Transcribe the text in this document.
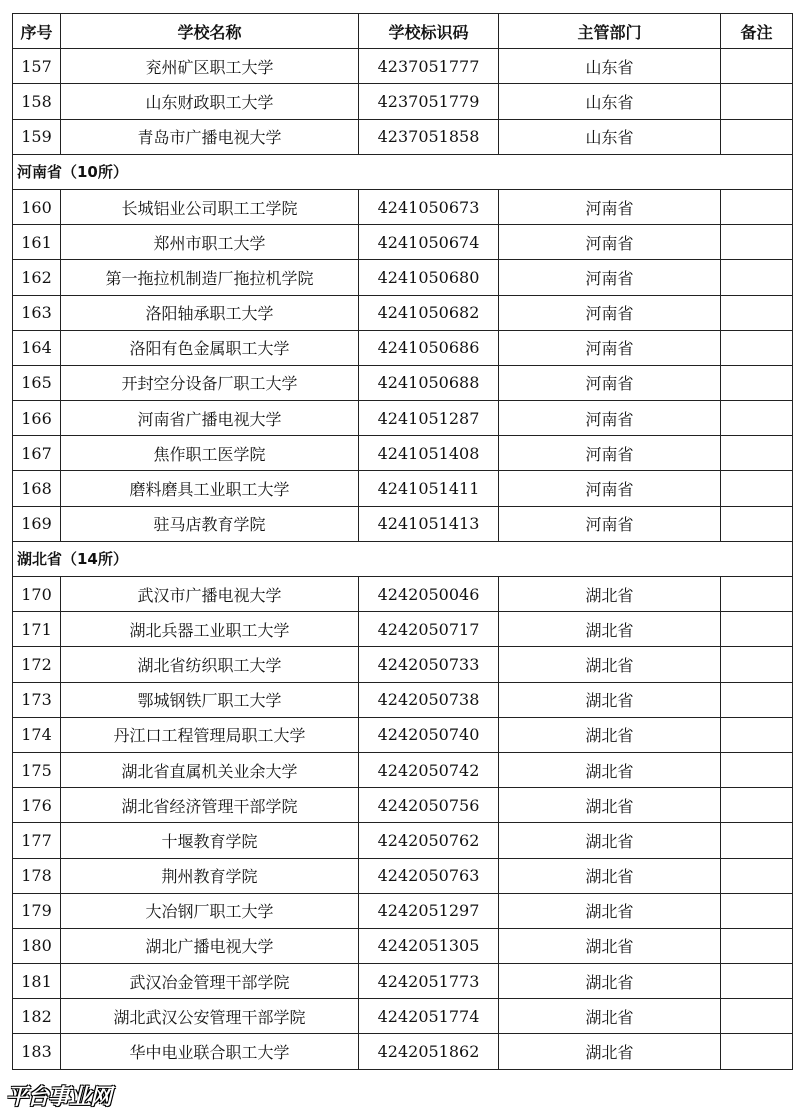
序号	学校名称	学校标识码	主管部门	备注
157	兖州矿区职工大学	4237051777	山东省	
158	山东财政职工大学	4237051779	山东省	
159	青岛市广播电视大学	4237051858	山东省	
河南省（10所）				
160	长城铝业公司职工工学院	4241050673	河南省	
161	郑州市职工大学	4241050674	河南省	
162	第一拖拉机制造厂拖拉机学院	4241050680	河南省	
163	洛阳轴承职工大学	4241050682	河南省	
164	洛阳有色金属职工大学	4241050686	河南省	
165	开封空分设备厂职工大学	4241050688	河南省	
166	河南省广播电视大学	4241051287	河南省	
167	焦作职工医学院	4241051408	河南省	
168	磨料磨具工业职工大学	4241051411	河南省	
169	驻马店教育学院	4241051413	河南省	
湖北省（14所）				
170	武汉市广播电视大学	4242050046	湖北省	
171	湖北兵器工业职工大学	4242050717	湖北省	
172	湖北省纺织职工大学	4242050733	湖北省	
173	鄂城钢铁厂职工大学	4242050738	湖北省	
174	丹江口工程管理局职工大学	4242050740	湖北省	
175	湖北省直属机关业余大学	4242050742	湖北省	
176	湖北省经济管理干部学院	4242050756	湖北省	
177	十堰教育学院	4242050762	湖北省	
178	荆州教育学院	4242050763	湖北省	
179	大冶钢厂职工大学	4242051297	湖北省	
180	湖北广播电视大学	4242051305	湖北省	
181	武汉冶金管理干部学院	4242051773	湖北省	
182	湖北武汉公安管理干部学院	4242051774	湖北省	
183	华中电业联合职工大学	4242051862	湖北省	
平台事业网
